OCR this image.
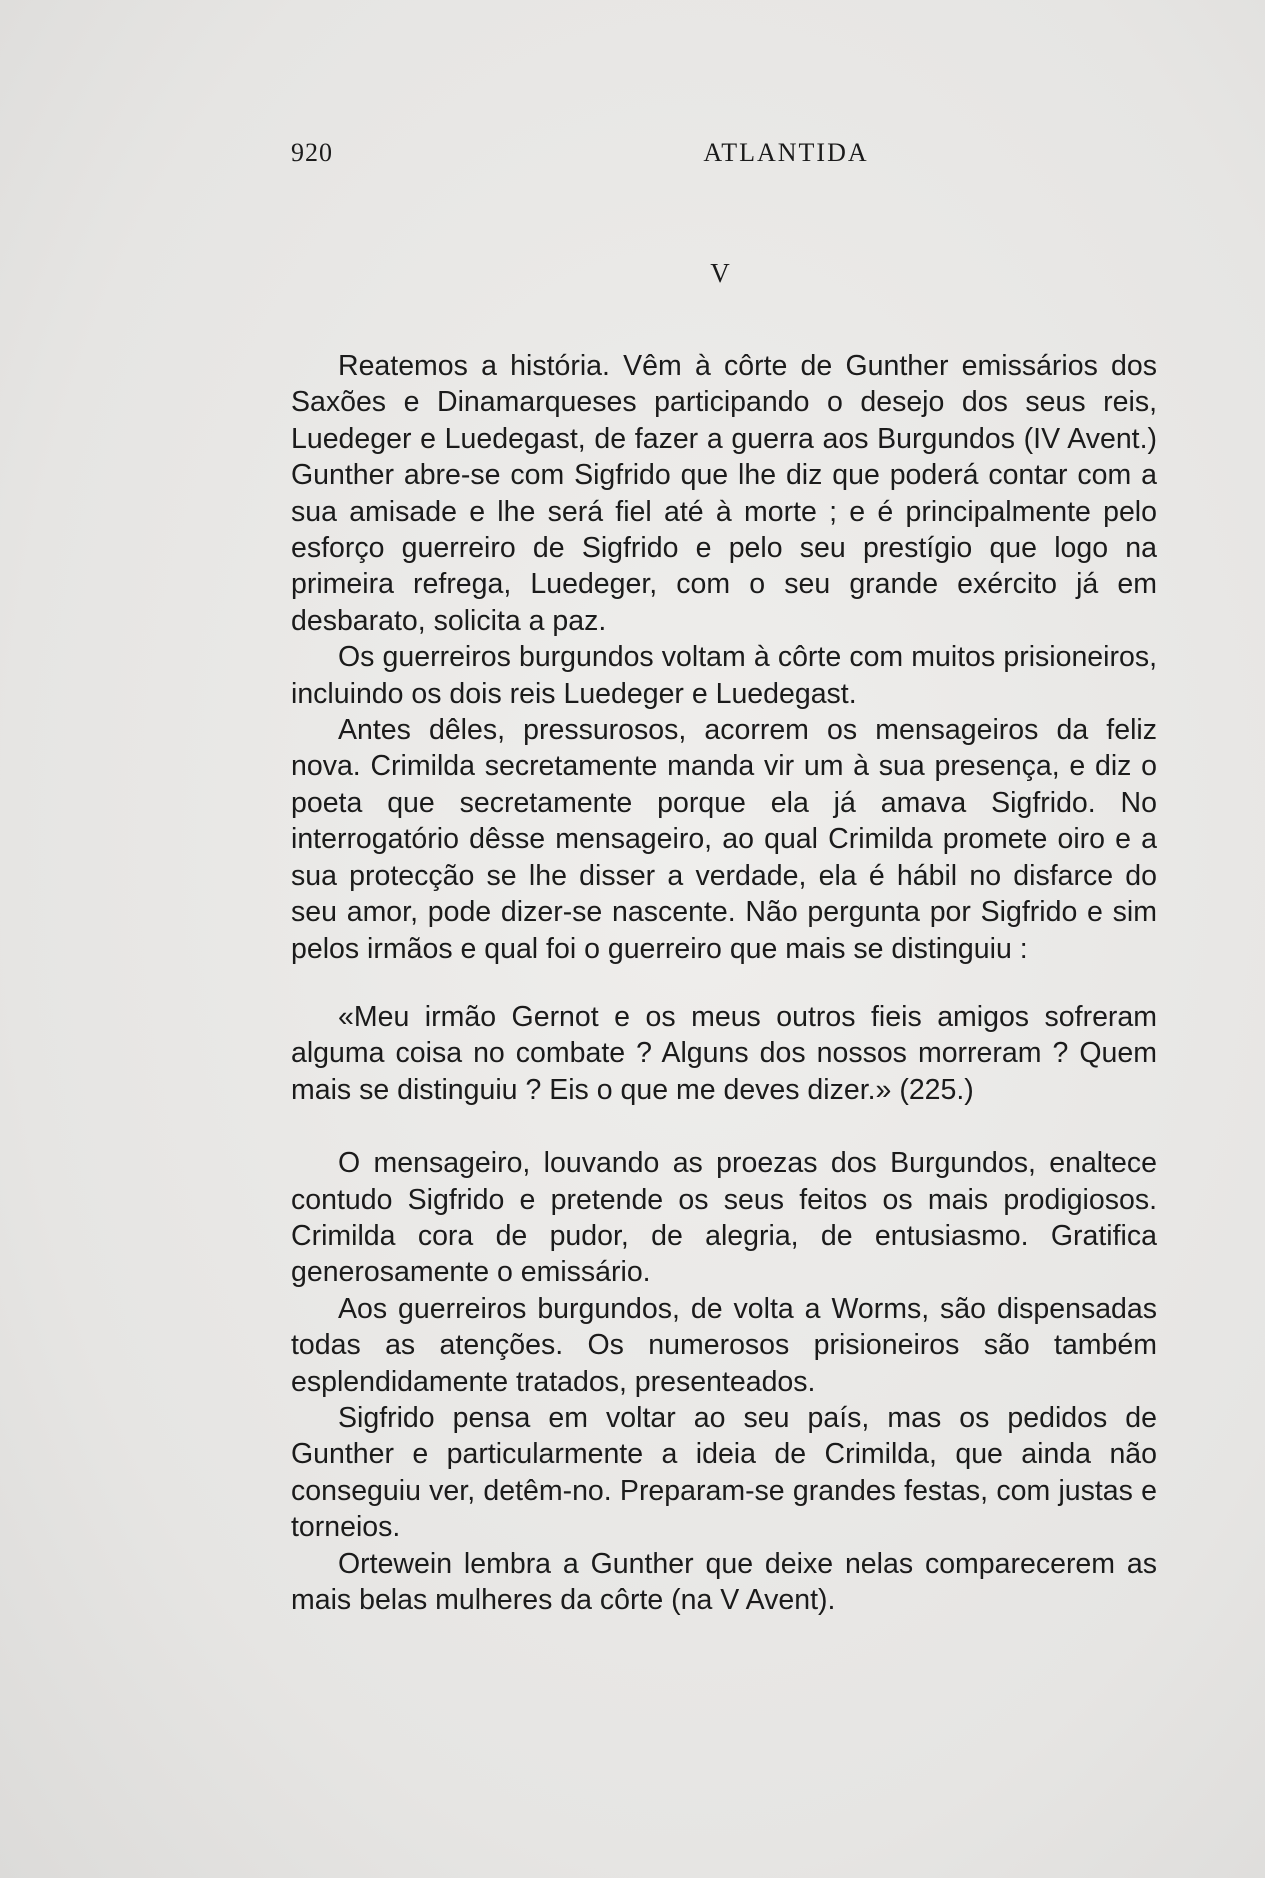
920	ATLANTIDA
V

Reatemos a história. Vêm à côrte de Gunther emissários dos Saxões e Dinamarqueses participando o desejo dos seus reis, Luedeger e Luedegast, de fazer a guerra aos Burgundos (IV Avent.) Gunther abre-se com Sigfrido que lhe diz que poderá contar com a sua amisade e lhe será fiel até à morte ; e é principalmente pelo esforço guerreiro de Sigfrido e pelo seu prestígio que logo na primeira refrega, Luedeger, com o seu grande exército já em desbarato, solicita a paz.

Os guerreiros burgundos voltam à côrte com muitos prisioneiros, incluindo os dois reis Luedeger e Luedegast.

Antes dêles, pressurosos, acorrem os mensageiros da feliz nova. Crimilda secretamente manda vir um à sua presença, e diz o poeta que secretamente porque ela já amava Sigfrido. No interrogatório dêsse mensageiro, ao qual Crimilda promete oiro e a sua protecção se lhe disser a verdade, ela é hábil no disfarce do seu amor, pode dizer-se nascente. Não pergunta por Sigfrido e sim pelos irmãos e qual foi o guerreiro que mais se distinguiu :

«Meu irmão Gernot e os meus outros fieis amigos sofreram alguma coisa no combate ? Alguns dos nossos morreram ? Quem mais se distinguiu ? Eis o que me deves dizer.» (225.)

O mensageiro, louvando as proezas dos Burgundos, enaltece contudo Sigfrido e pretende os seus feitos os mais prodigiosos. Crimilda cora de pudor, de alegria, de entusiasmo. Gratifica generosamente o emissário.

Aos guerreiros burgundos, de volta a Worms, são dispensadas todas as atenções. Os numerosos prisioneiros são também esplendidamente tratados, presenteados.

Sigfrido pensa em voltar ao seu país, mas os pedidos de Gunther e particularmente a ideia de Crimilda, que ainda não conseguiu ver, detêm-no. Preparam-se grandes festas, com justas e torneios.

Ortewein lembra a Gunther que deixe nelas comparecerem as mais belas mulheres da côrte (na V Avent).
